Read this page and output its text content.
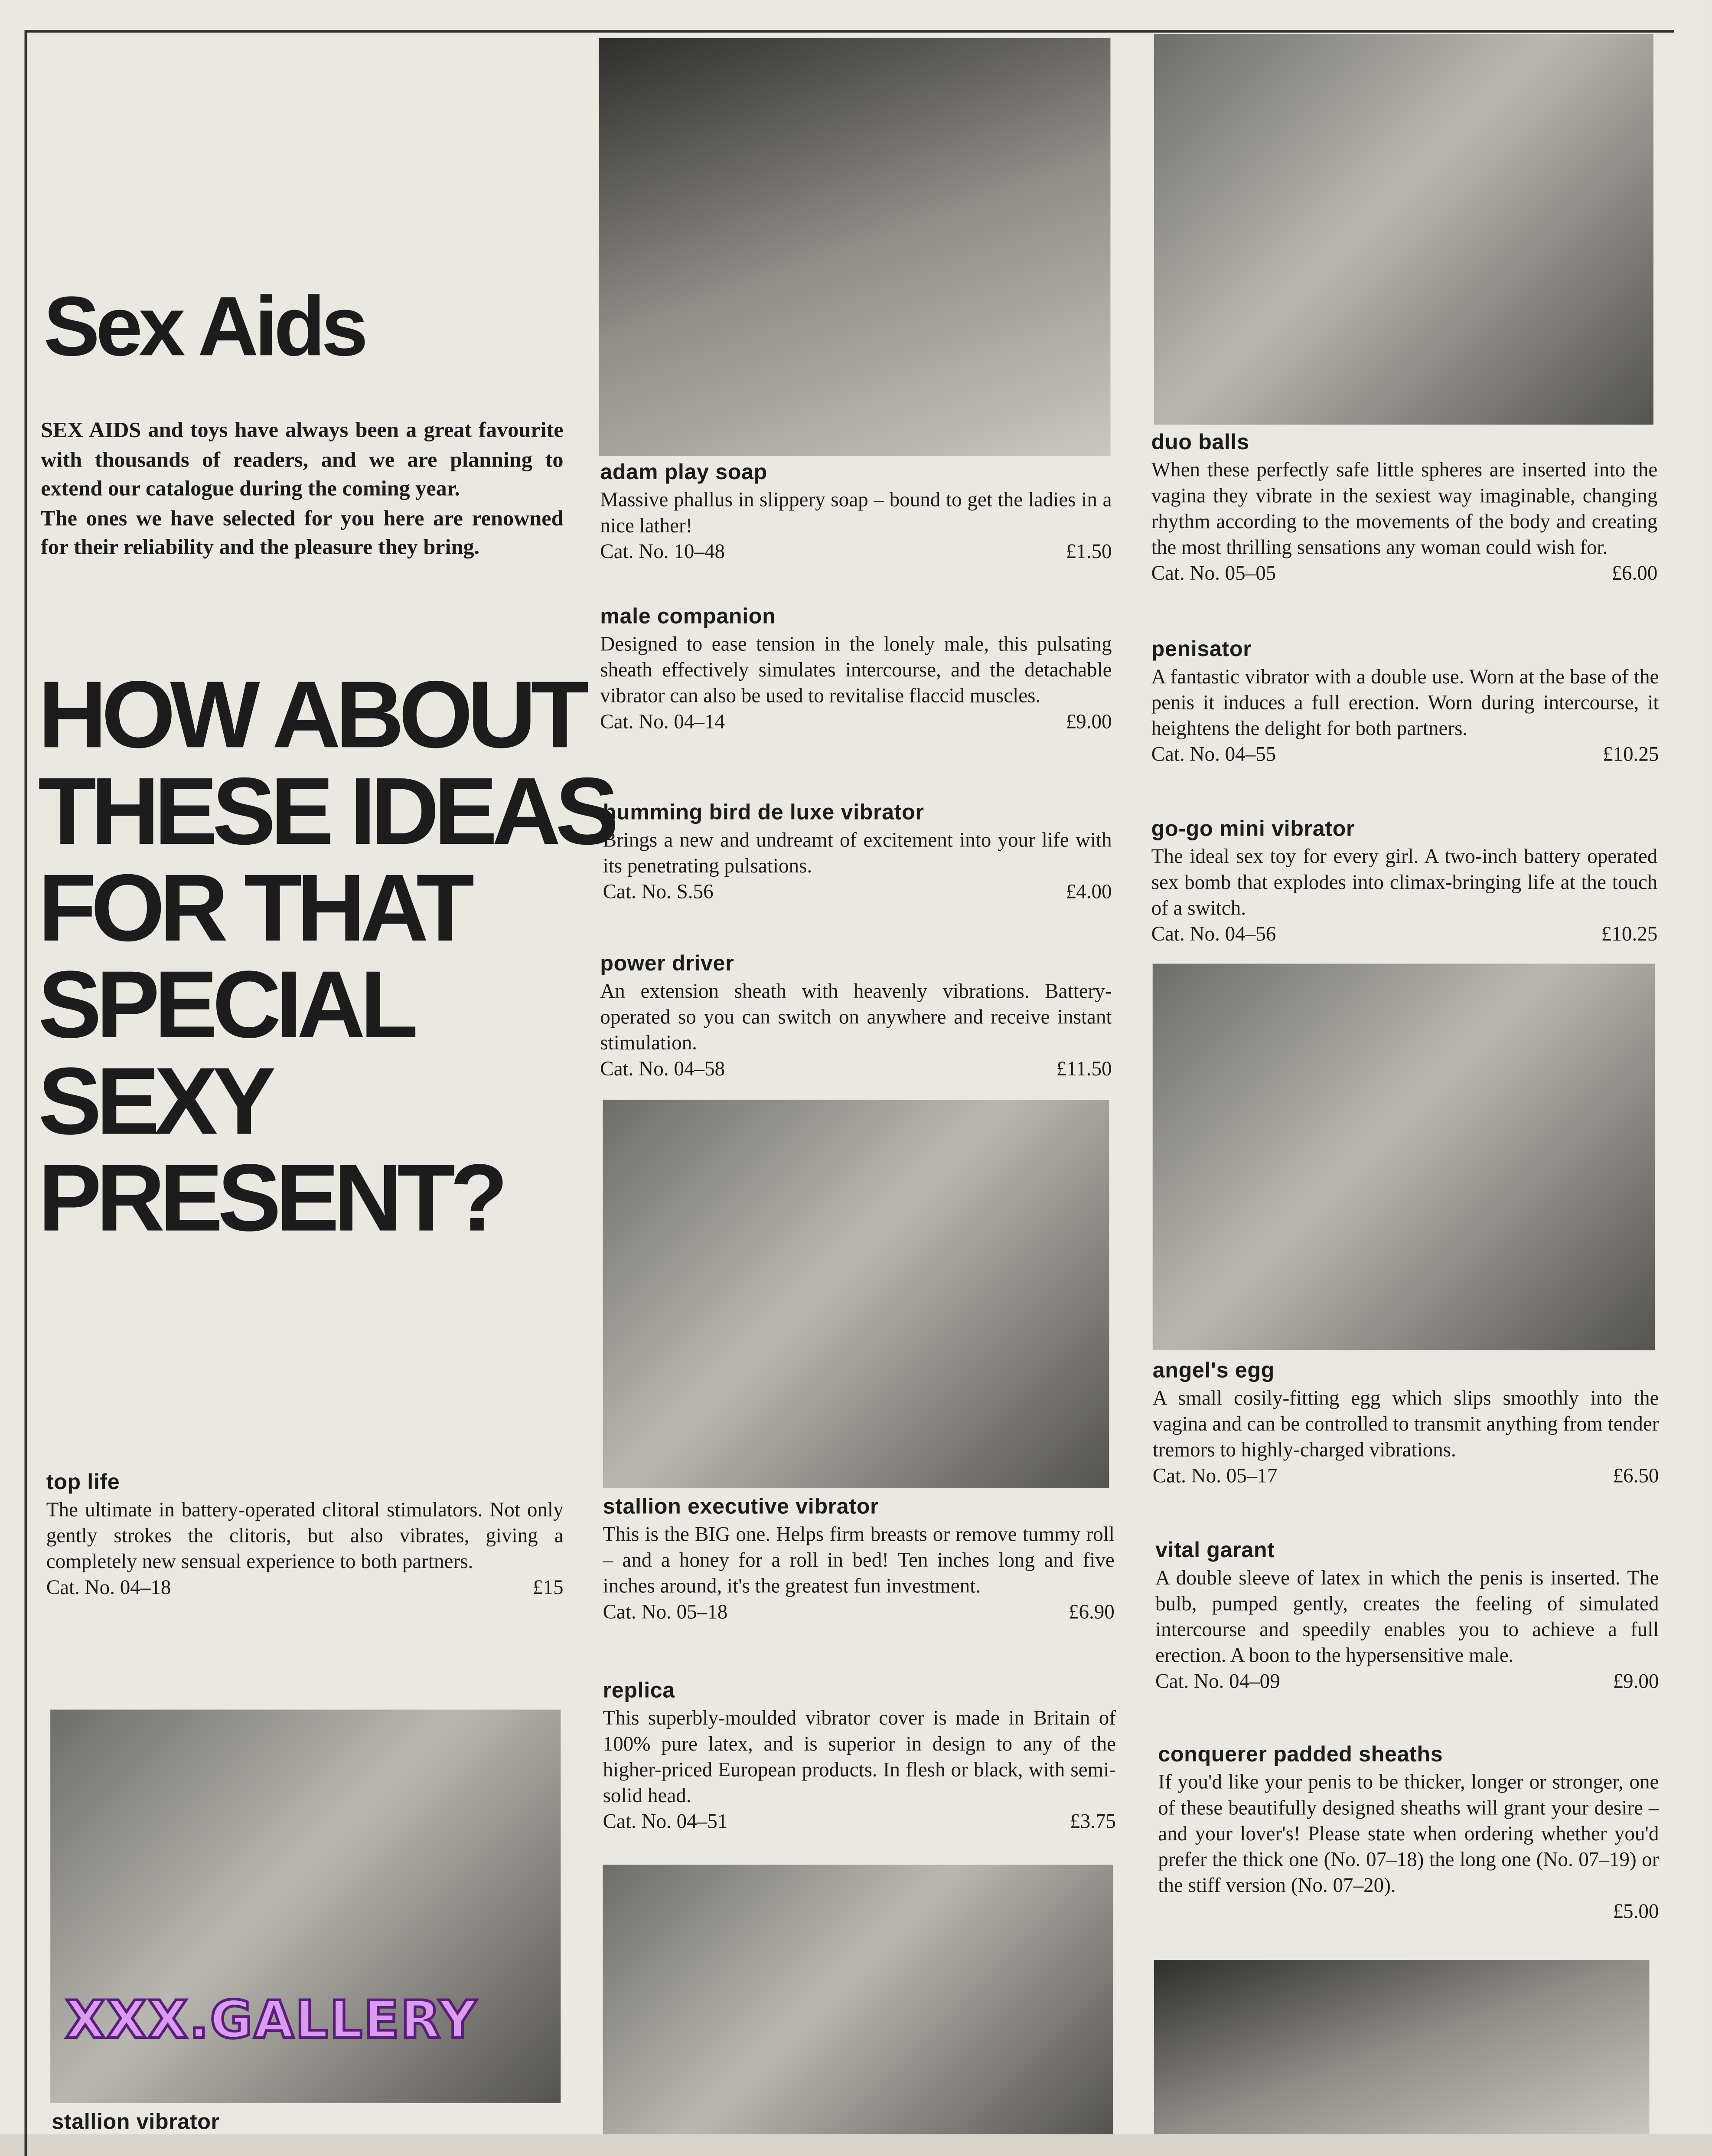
Sex Aids

SEX AIDS and toys have always been a great favourite with thousands of readers, and we are planning to extend our catalogue during the coming year.

The ones we have selected for you here are renowned for their reliability and the pleasure they bring.

HOW ABOUT
THESE IDEAS
FOR THAT
SPECIAL
SEXY
PRESENT?
top life

The ultimate in battery-operated clitoral stimulators. Not only gently strokes the clitoris, but also vibrates, giving a completely new sensual experience to both partners.

Cat. No. 04–18	£15
stallion vibrator
adam play soap

Massive phallus in slippery soap – bound to get the ladies in a nice lather!

Cat. No. 10–48	£1.50
male companion

Designed to ease tension in the lonely male, this pulsating sheath effectively simulates intercourse, and the detachable vibrator can also be used to revitalise flaccid muscles.

Cat. No. 04–14	£9.00
humming bird de luxe vibrator

Brings a new and undreamt of excitement into your life with its penetrating pulsations.

Cat. No. S.56	£4.00
power driver

An extension sheath with heavenly vibrations. Battery-operated so you can switch on anywhere and receive instant stimulation.

Cat. No. 04–58	£11.50
stallion executive vibrator

This is the BIG one. Helps firm breasts or remove tummy roll – and a honey for a roll in bed! Ten inches long and five inches around, it's the greatest fun investment.

Cat. No. 05–18	£6.90
replica

This superbly-moulded vibrator cover is made in Britain of 100% pure latex, and is superior in design to any of the higher-priced European products. In flesh or black, with semi-solid head.

Cat. No. 04–51	£3.75
duo balls

When these perfectly safe little spheres are inserted into the vagina they vibrate in the sexiest way imaginable, changing rhythm according to the movements of the body and creating the most thrilling sensations any woman could wish for.

Cat. No. 05–05	£6.00
penisator

A fantastic vibrator with a double use. Worn at the base of the penis it induces a full erection. Worn during intercourse, it heightens the delight for both partners.

Cat. No. 04–55	£10.25
go-go mini vibrator

The ideal sex toy for every girl. A two-inch battery operated sex bomb that explodes into climax-bringing life at the touch of a switch.

Cat. No. 04–56	£10.25
angel's egg

A small cosily-fitting egg which slips smoothly into the vagina and can be controlled to transmit anything from tender tremors to highly-charged vibrations.

Cat. No. 05–17	£6.50
vital garant

A double sleeve of latex in which the penis is inserted. The bulb, pumped gently, creates the feeling of simulated intercourse and speedily enables you to achieve a full erection. A boon to the hypersensitive male.

Cat. No. 04–09	£9.00
conquerer padded sheaths

If you'd like your penis to be thicker, longer or stronger, one of these beautifully designed sheaths will grant your desire – and your lover's! Please state when ordering whether you'd prefer the thick one (No. 07–18) the long one (No. 07–19) or the stiff version (No. 07–20).

£5.00
XXX.GALLERY
